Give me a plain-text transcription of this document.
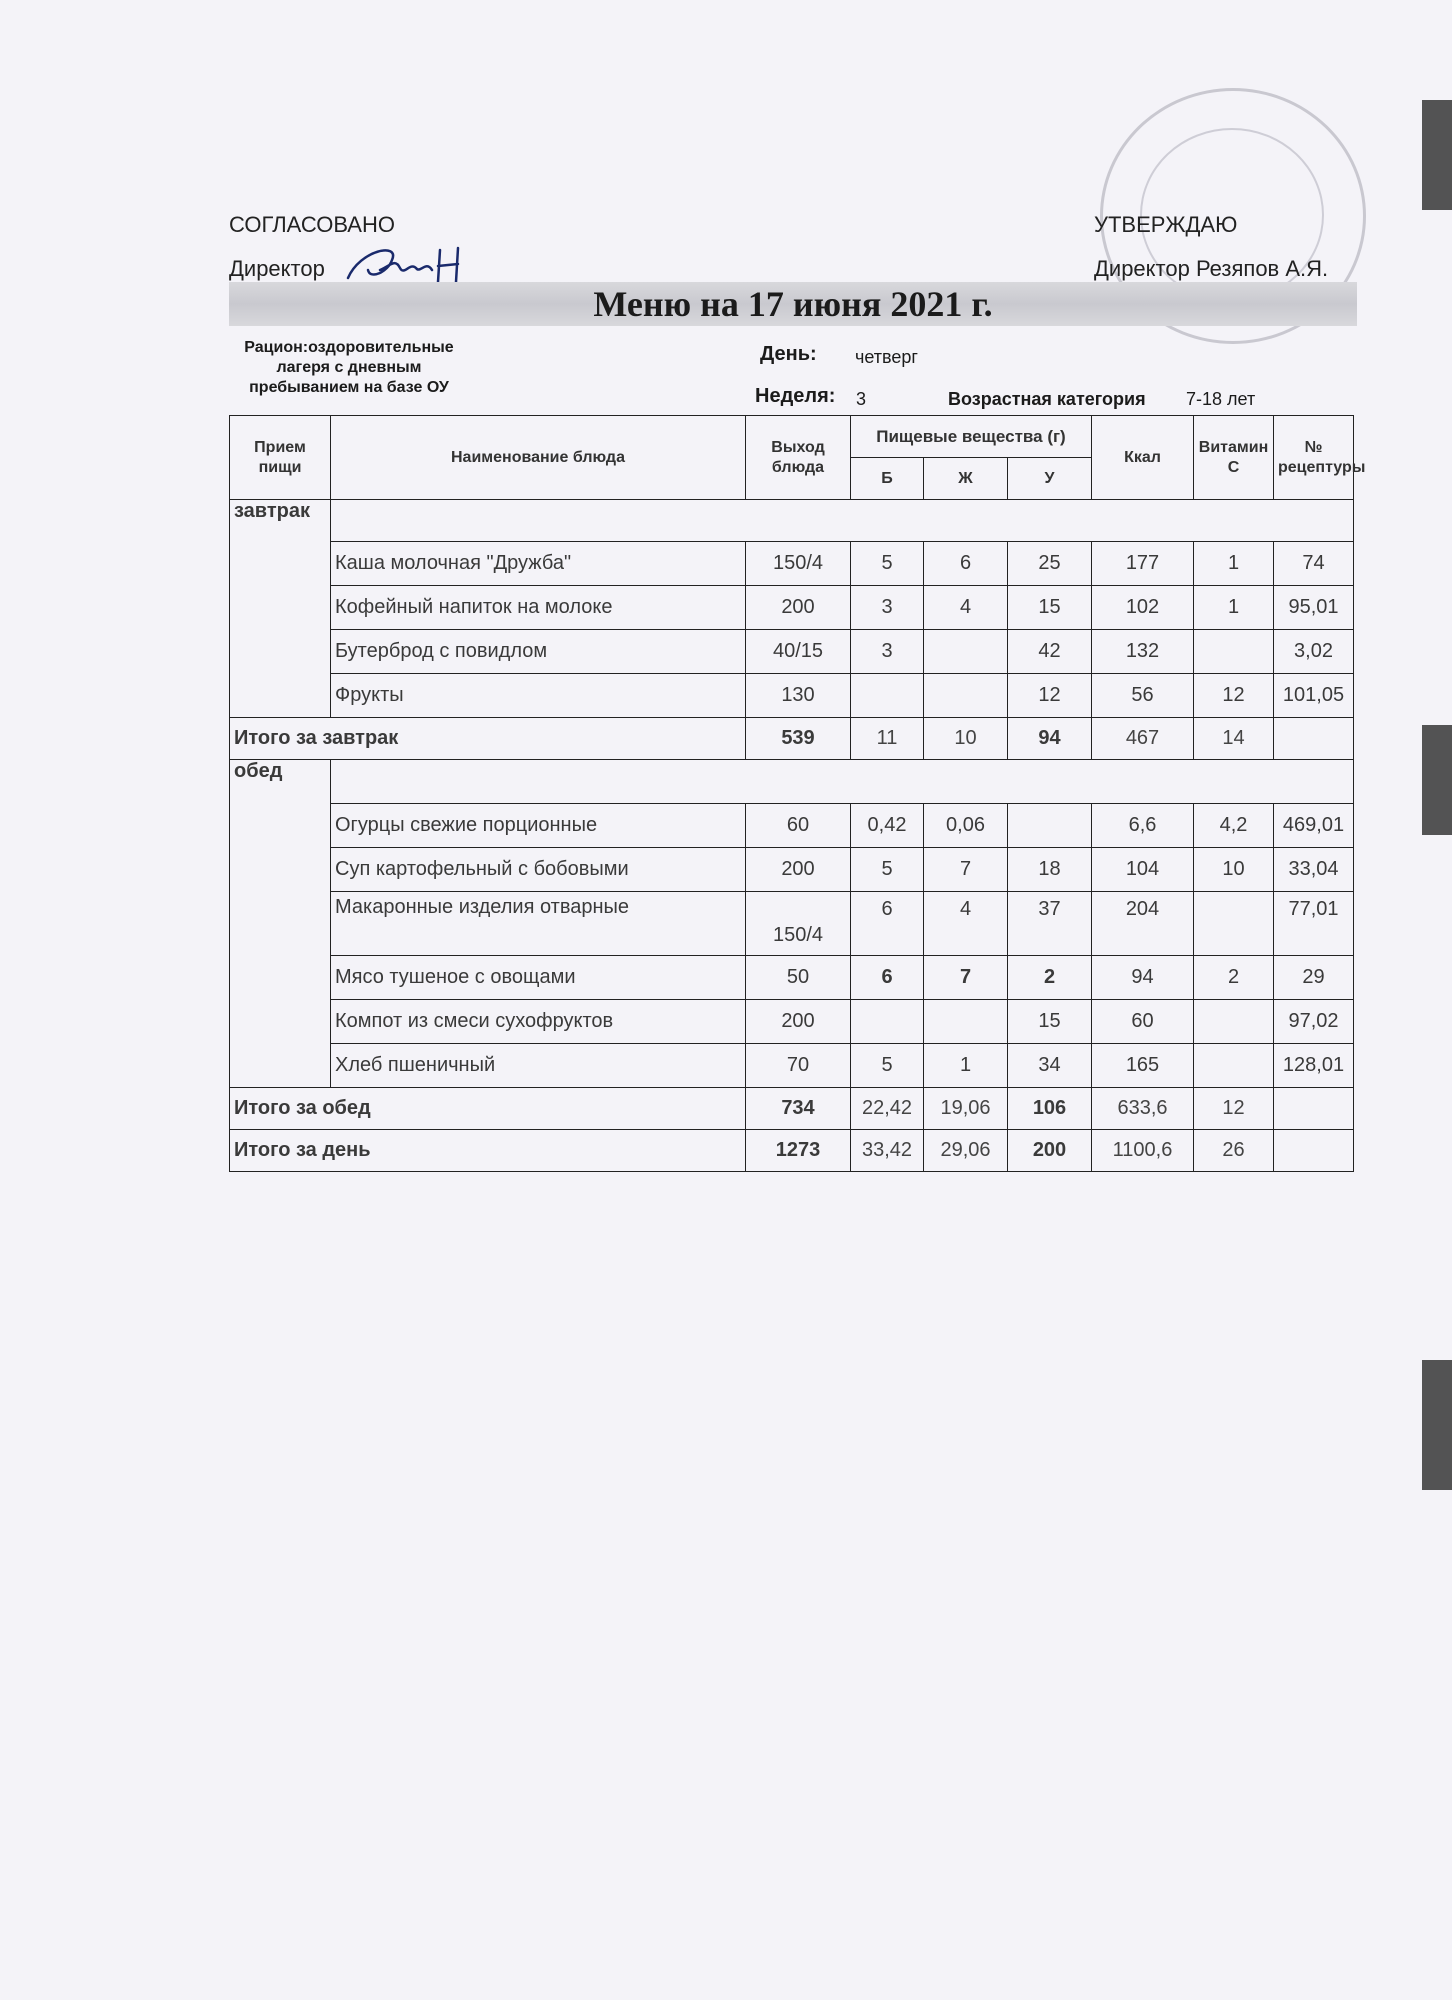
СОГЛАСОВАНО
Директор
УТВЕРЖДАЮ
Директор Резяпов А.Я.
Меню на 17 июня 2021 г.
Рацион:оздоровительные
лагеря с дневным
пребыванием на базе ОУ
День: четверг
Неделя: 3	Возрастная категория 7-18 лет
Прием пищи	Наименование блюда	Выход блюда	Пищевые вещества (г)			Ккал	Витамин С	№ рецептуры
			Б	Ж	У			
завтрак								
	Каша молочная "Дружба"	150/4	5	6	25	177	1	74
	Кофейный напиток на молоке	200	3	4	15	102	1	95,01
	Бутерброд с повидлом	40/15	3		42	132		3,02
	Фрукты	130			12	56	12	101,05
Итого за завтрак		539	11	10	94	467	14	
обед								
	Огурцы свежие порционные	60	0,42	0,06		6,6	4,2	469,01
	Суп картофельный с бобовыми	200	5	7	18	104	10	33,04
	Макаронные изделия отварные	150/4	6	4	37	204		77,01
	Мясо тушеное с овощами	50	6	7	2	94	2	29
	Компот из смеси сухофруктов	200			15	60		97,02
	Хлеб пшеничный	70	5	1	34	165		128,01
Итого за обед		734	22,42	19,06	106	633,6	12	
Итого за день		1273	33,42	29,06	200	1100,6	26	
